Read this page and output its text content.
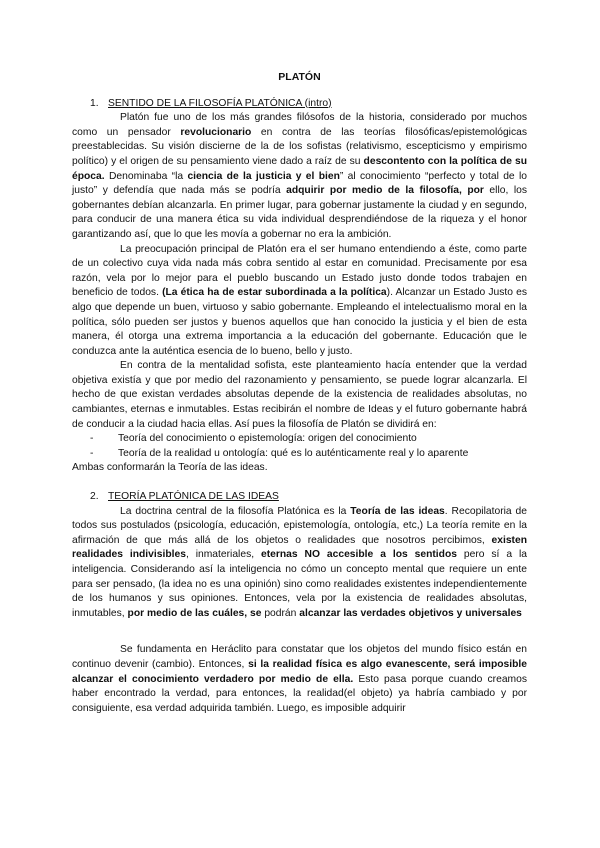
PLATÓN
1. SENTIDO DE LA FILOSOFÍA PLATÓNICA (intro)

Platón fue uno de los más grandes filósofos de la historia, considerado por muchos como un pensador revolucionario en contra de las teorías filosóficas/epistemológicas preestablecidas. Su visión discierne de la de los sofistas (relativismo, escepticismo y empirismo político) y el origen de su pensamiento viene dado a raíz de su descontento con la política de su época. Denominaba “la ciencia de la justicia y el bien” al conocimiento “perfecto y total de lo justo” y defendía que nada más se podría adquirir por medio de la filosofía, por ello, los gobernantes debían alcanzarla. En primer lugar, para gobernar justamente la ciudad y en segundo, para conducir de una manera ética su vida individual desprendiéndose de la riqueza y el honor garantizando así, que lo que les movía a gobernar no era la ambición.

La preocupación principal de Platón era el ser humano entendiendo a éste, como parte de un colectivo cuya vida nada más cobra sentido al estar en comunidad. Precisamente por esa razón, vela por lo mejor para el pueblo buscando un Estado justo donde todos trabajen en beneficio de todos. (La ética ha de estar subordinada a la política). Alcanzar un Estado Justo es algo que depende un buen, virtuoso y sabio gobernante. Empleando el intelectualismo moral en la política, sólo pueden ser justos y buenos aquellos que han conocido la justicia y el bien de esta manera, él otorga una extrema importancia a la educación del gobernante. Educación que le conduzca ante la auténtica esencia de lo bueno, bello y justo.

En contra de la mentalidad sofista, este planteamiento hacía entender que la verdad objetiva existía y que por medio del razonamiento y pensamiento, se puede lograr alcanzarla. El hecho de que existan verdades absolutas depende de la existencia de realidades absolutas, no cambiantes, eternas e inmutables. Estas recibirán el nombre de Ideas y el futuro gobernante habrá de conducir a la ciudad hacia ellas. Así pues la filosofía de Platón se dividirá en:

-	Teoría del conocimiento o epistemología: origen del conocimiento
-	Teoría de la realidad u ontología: qué es lo auténticamente real y lo aparente

Ambas conformarán la Teoría de las ideas.

2. TEORÍA PLATÓNICA DE LAS IDEAS

La doctrina central de la filosofía Platónica es la Teoría de las ideas. Recopilatoria de todos sus postulados (psicología, educación, epistemología, ontología, etc,) La teoría remite en la afirmación de que más allá de los objetos o realidades que nosotros percibimos, existen realidades indivisibles, inmateriales, eternas NO accesible a los sentidos pero sí a la inteligencia. Considerando así la inteligencia no cómo un concepto mental que requiere un ente para ser pensado, (la idea no es una opinión) sino como realidades existentes independientemente de los humanos y sus opiniones. Entonces, vela por la existencia de realidades absolutas, inmutables, por medio de las cuáles, se podrán alcanzar las verdades objetivos y universales

Se fundamenta en Heráclito para constatar que los objetos del mundo físico están en continuo devenir (cambio). Entonces, si la realidad física es algo evanescente, será imposible alcanzar el conocimiento verdadero por medio de ella. Esto pasa porque cuando creamos haber encontrado la verdad, para entonces, la realidad(el objeto) ya habría cambiado y por consiguiente, esa verdad adquirida también. Luego, es imposible adquirir
